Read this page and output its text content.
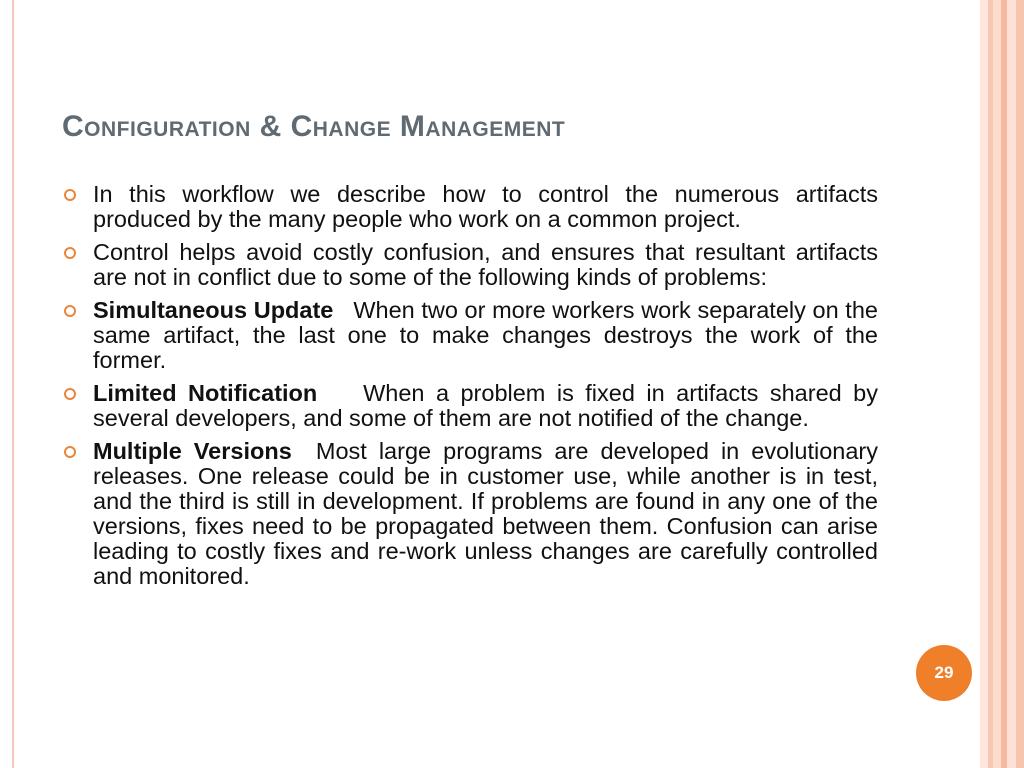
Configuration & Change Management
In this workflow we describe how to control the numerous artifacts produced by the many people who work on a common project.
Control helps avoid costly confusion, and ensures that resultant artifacts are not in conflict due to some of the following kinds of problems:
Simultaneous Update When two or more workers work separately on the same artifact, the last one to make changes destroys the work of the former.
Limited Notification When a problem is fixed in artifacts shared by several developers, and some of them are not notified of the change.
Multiple Versions Most large programs are developed in evolutionary releases. One release could be in customer use, while another is in test, and the third is still in development. If problems are found in any one of the versions, fixes need to be propagated between them. Confusion can arise leading to costly fixes and re-work unless changes are carefully controlled and monitored.
29
